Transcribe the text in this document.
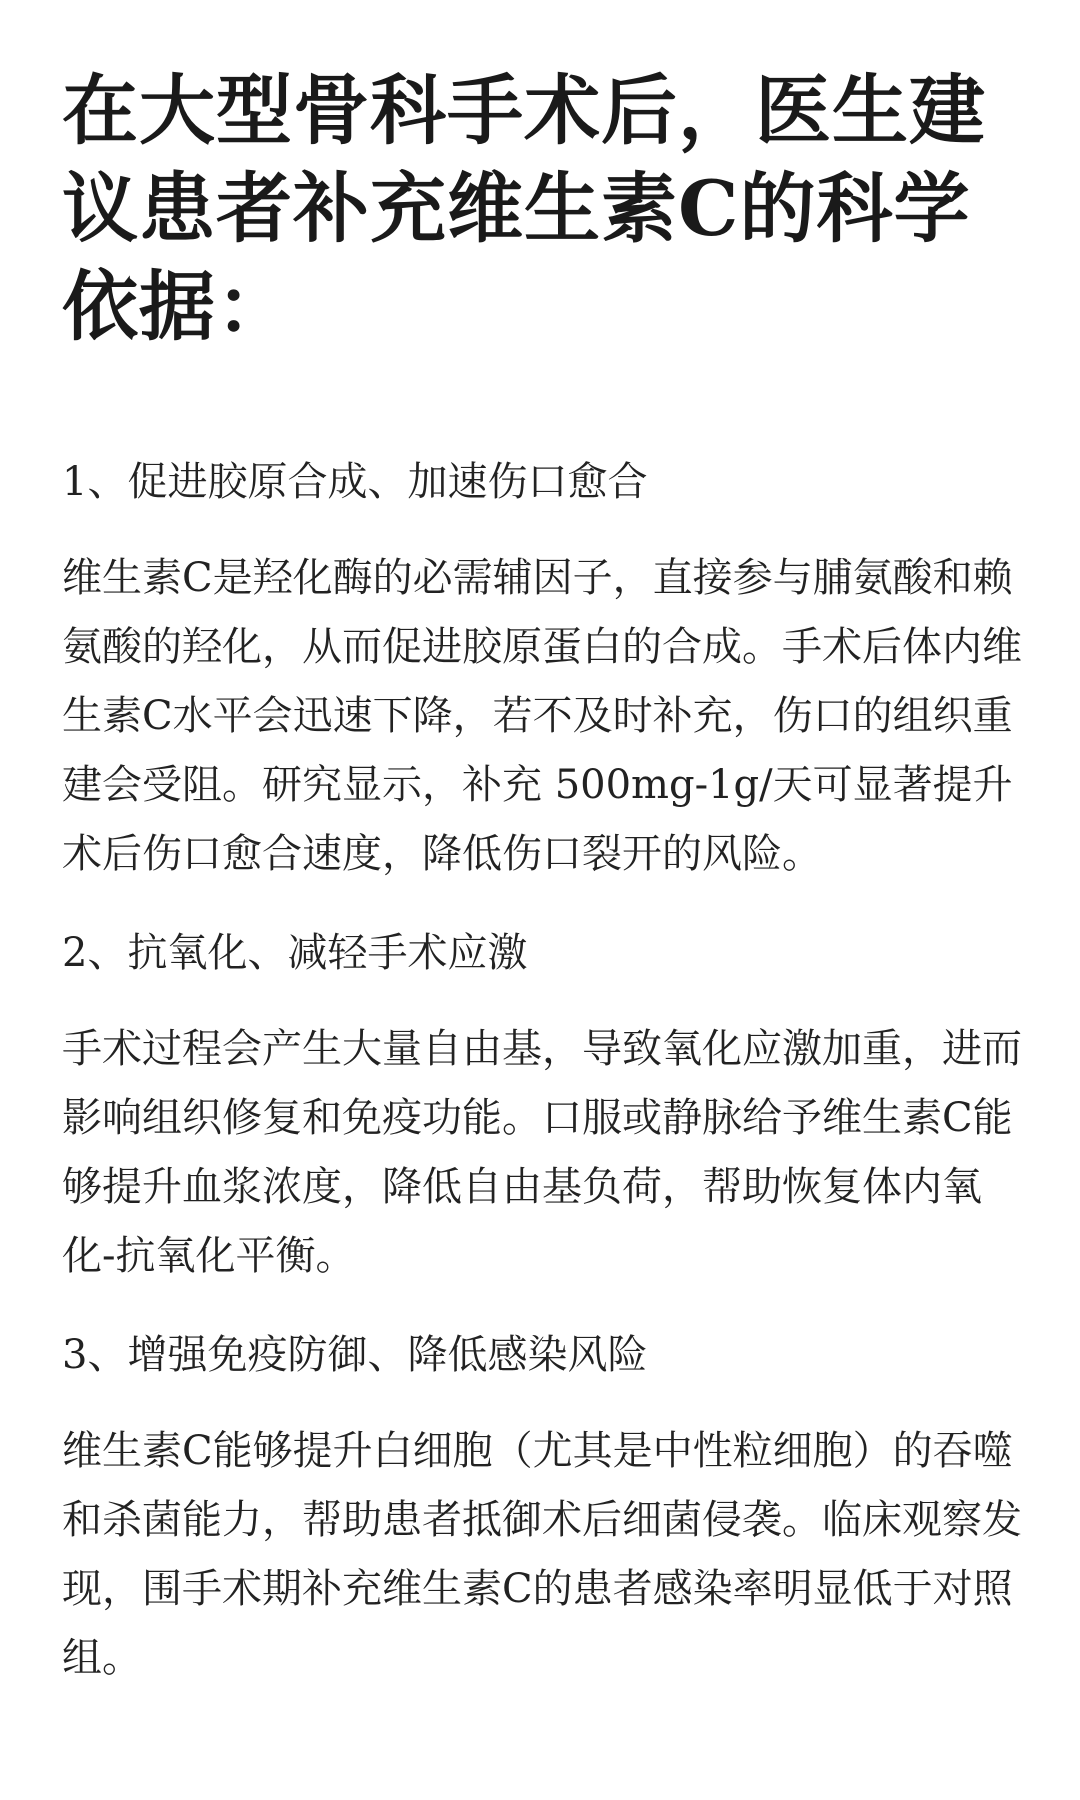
在大型骨科手术后，医生建议患者补充维生素C的科学依据：

1、促进胶原合成、加速伤口愈合

维生素C是羟化酶的必需辅因子，直接参与脯氨酸和赖氨酸的羟化，从而促进胶原蛋白的合成。手术后体内维生素C水平会迅速下降，若不及时补充，伤口的组织重建会受阻。研究显示，补充 500mg-1g/天可显著提升术后伤口愈合速度，降低伤口裂开的风险。

2、抗氧化、减轻手术应激

手术过程会产生大量自由基，导致氧化应激加重，进而影响组织修复和免疫功能。口服或静脉给予维生素C能够提升血浆浓度，降低自由基负荷，帮助恢复体内氧化-抗氧化平衡。

3、增强免疫防御、降低感染风险

维生素C能够提升白细胞（尤其是中性粒细胞）的吞噬和杀菌能力，帮助患者抵御术后细菌侵袭。临床观察发现，围手术期补充维生素C的患者感染率明显低于对照组。
